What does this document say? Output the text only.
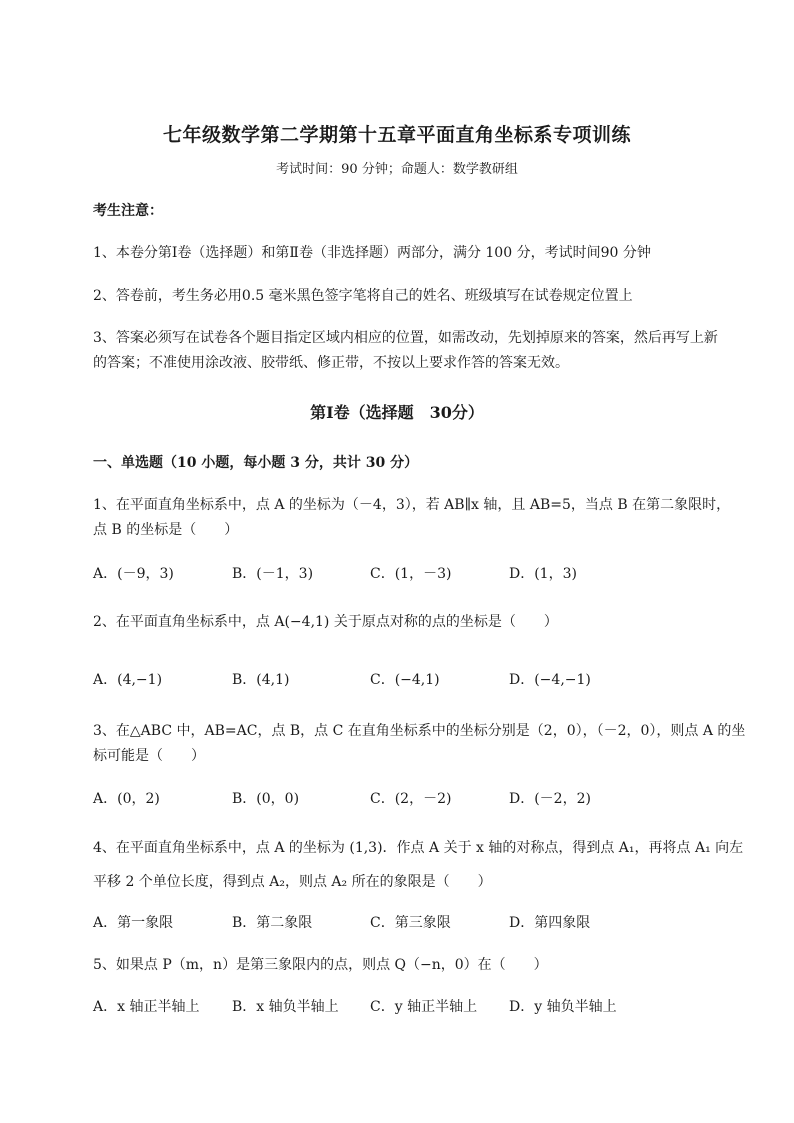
七年级数学第二学期第十五章平面直角坐标系专项训练
考试时间：90 分钟；命题人：数学教研组
考生注意：
1、本卷分第Ⅰ卷（选择题）和第Ⅱ卷（非选择题）两部分，满分 100 分，考试时间90 分钟
2、答卷前，考生务必用0.5 毫米黑色签字笔将自己的姓名、班级填写在试卷规定位置上
3、答案必须写在试卷各个题目指定区域内相应的位置，如需改动，先划掉原来的答案，然后再写上新
的答案；不准使用涂改液、胶带纸、修正带，不按以上要求作答的答案无效。
第Ⅰ卷（选择题　30分）
一、单选题（10 小题，每小题 3 分，共计 30 分）
1、在平面直角坐标系中，点 A 的坐标为（－4，3），若 AB∥x 轴，且 AB=5，当点 B 在第二象限时，
点 B 的坐标是（　　）
A．(－9，3)	B．(－1，3)	C．(1，－3)	D．(1，3)
2、在平面直角坐标系中，点 A(−4,1) 关于原点对称的点的坐标是（　　）
A．(4,−1)	B．(4,1)	C．(−4,1)	D．(−4,−1)
3、在△ABC 中，AB=AC，点 B，点 C 在直角坐标系中的坐标分别是（2，0），（－2，0），则点 A 的坐
标可能是（　　）
A．(0，2)	B．(0，0)	C．(2，－2)	D．(－2，2)
4、在平面直角坐标系中，点 A 的坐标为 (1,3)．作点 A 关于 x 轴的对称点，得到点 A₁，再将点 A₁ 向左
平移 2 个单位长度，得到点 A₂，则点 A₂ 所在的象限是（　　）
A．第一象限	B．第二象限	C．第三象限	D．第四象限
5、如果点 P（m，n）是第三象限内的点，则点 Q（−n，0）在（　　）
A．x 轴正半轴上 B．x 轴负半轴上 C．y 轴正半轴上 D．y 轴负半轴上
